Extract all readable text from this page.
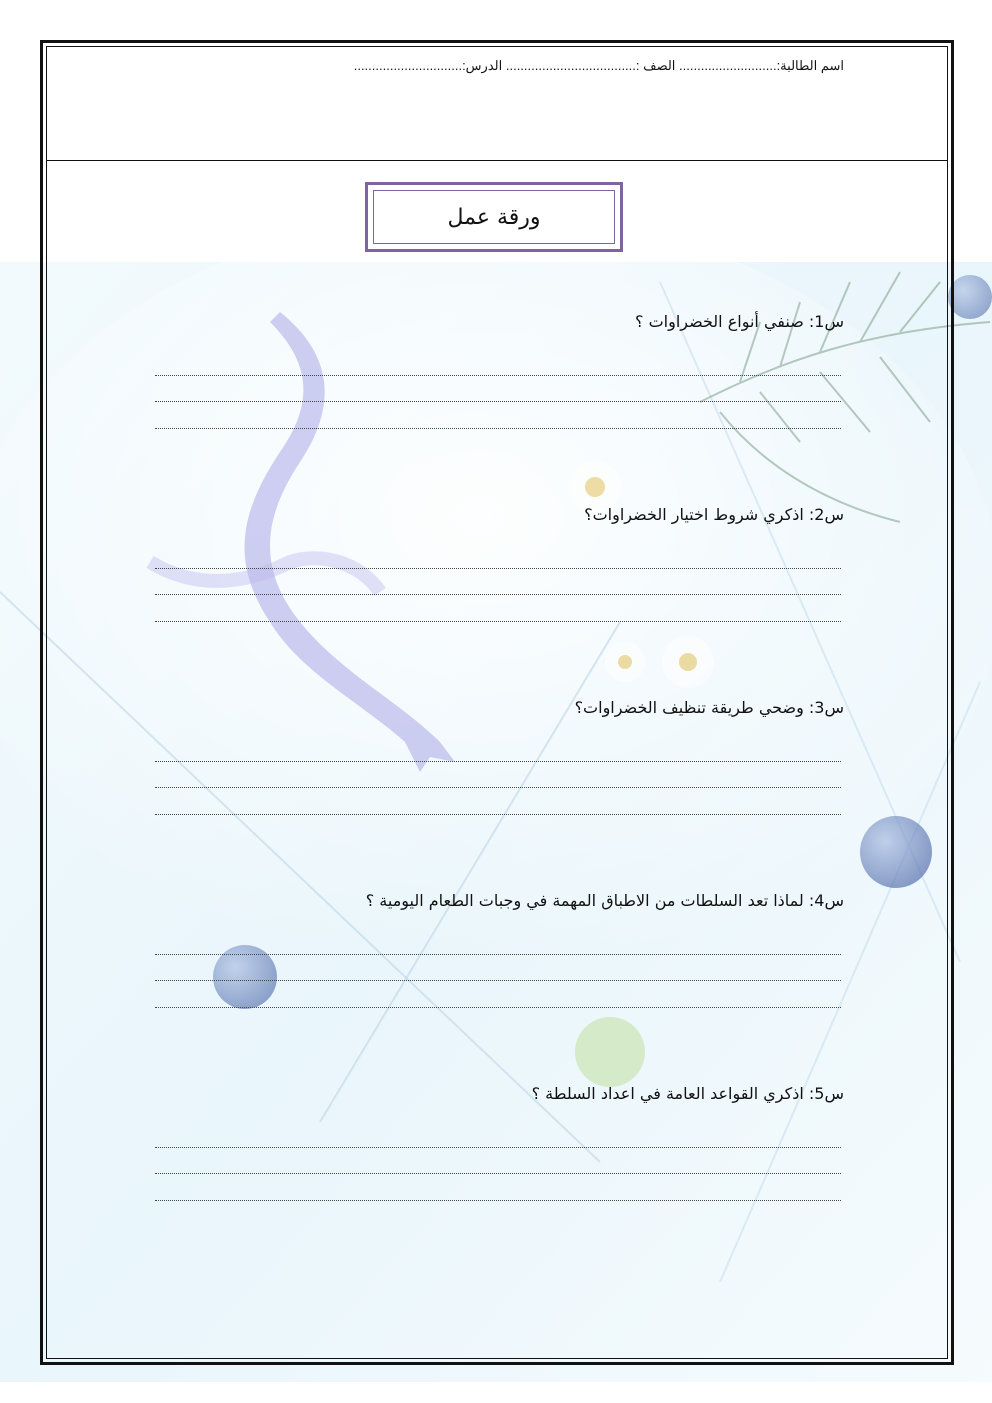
اسم الطالبة:........................... الصف :.................................... الدرس:..............................
ورقة عمل
س1: صنفي أنواع الخضراوات ؟
س2: اذكري شروط اختيار الخضراوات؟
س3: وضحي طريقة تنظيف الخضراوات؟
س4: لماذا تعد السلطات من الاطباق المهمة في وجبات الطعام اليومية ؟
س5: اذكري القواعد العامة في اعداد السلطة ؟
